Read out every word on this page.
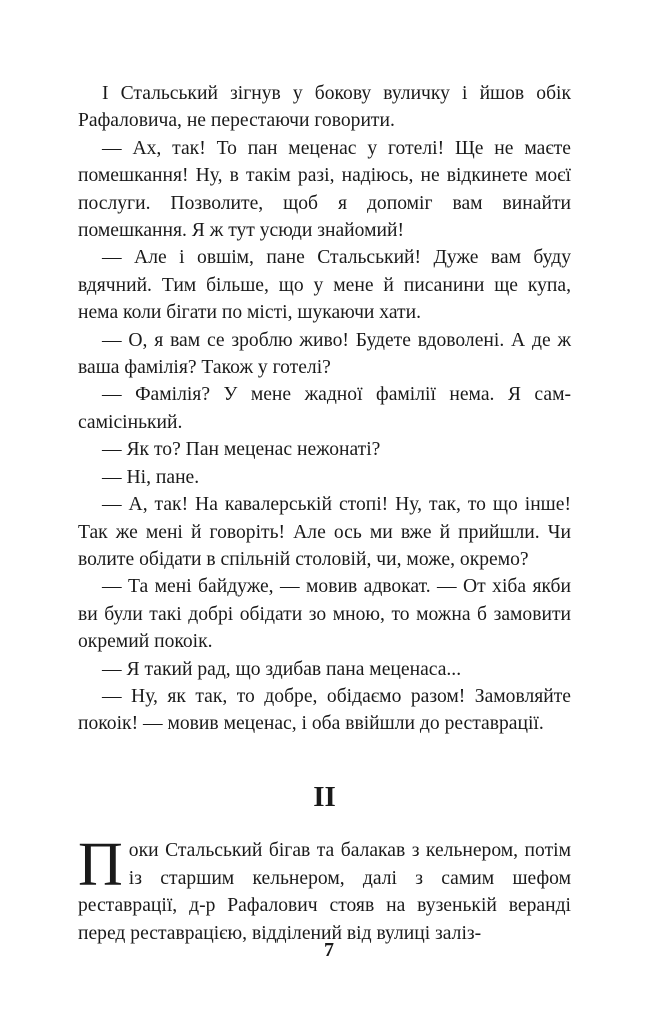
І Стальський зігнув у бокову вуличку і йшов обік Рафаловича, не перестаючи говорити.

— Ах, так! То пан меценас у готелі! Ще не маєте помешкання! Ну, в такім разі, надіюсь, не відкинете моєї послуги. Позволите, щоб я допоміг вам винайти помешкання. Я ж тут усюди знайомий!

— Але і овшім, пане Стальський! Дуже вам буду вдячний. Тим більше, що у мене й писанини ще купа, нема коли бігати по місті, шукаючи хати.

— О, я вам се зроблю живо! Будете вдоволені. А де ж ваша фамілія? Також у готелі?

— Фамілія? У мене жадної фамілії нема. Я сам-самісінький.

— Як то? Пан меценас нежонаті?

— Ні, пане.

— А, так! На кавалерській стопі! Ну, так, то що інше! Так же мені й говоріть! Але ось ми вже й прийшли. Чи волите обідати в спільній столовій, чи, може, окремо?

— Та мені байдуже, — мовив адвокат. — От хіба якби ви були такі добрі обідати зо мною, то можна б замовити окремий покоік.

— Я такий рад, що здибав пана меценаса...

— Ну, як так, то добре, обідаємо разом! Замовляйте покоік! — мовив меценас, і оба ввійшли до реставрації.

II
Поки Стальський бігав та балакав з кельнером, потім із старшим кельнером, далі з самим шефом реставрації, д-р Рафалович стояв на вузенькій веранді перед реставрацією, відділений від вулиці заліз-
7
